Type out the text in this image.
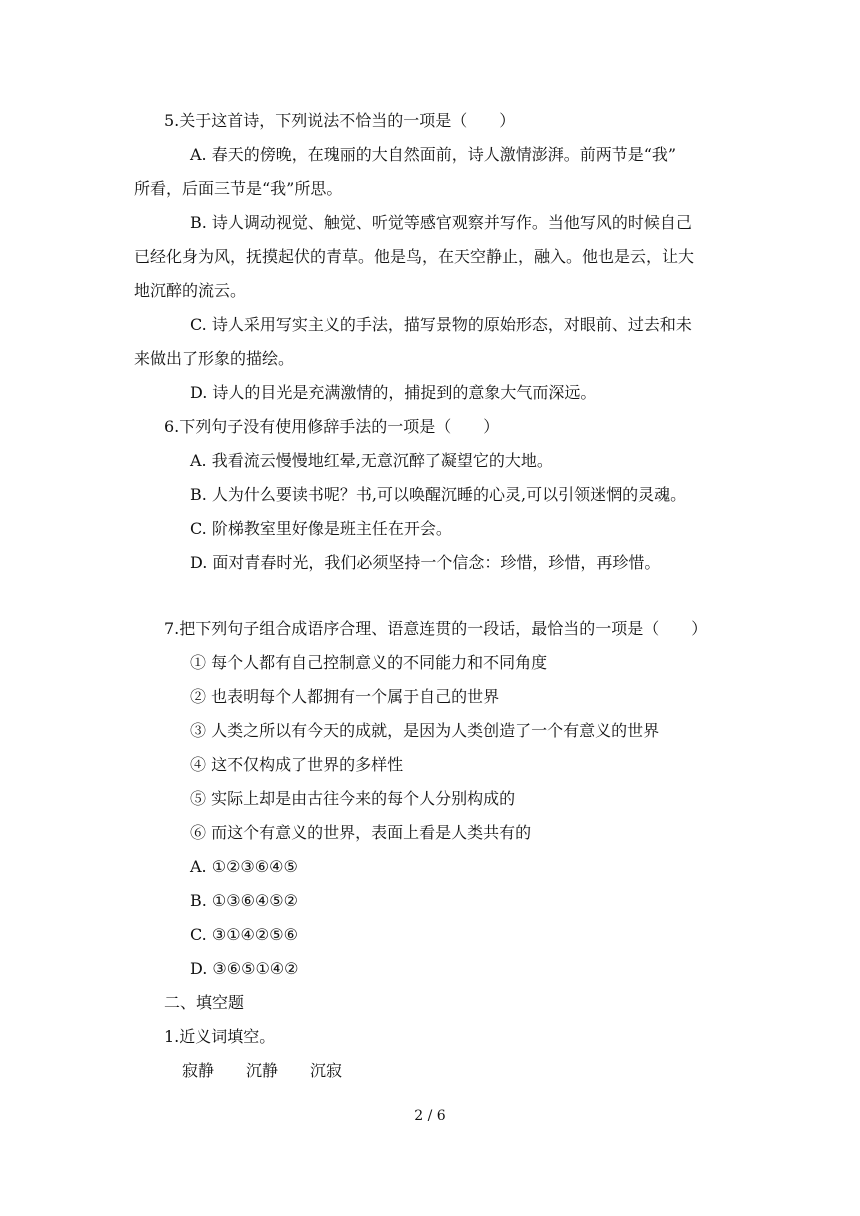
5.关于这首诗，下列说法不恰当的一项是（　　）
A. 春天的傍晚，在瑰丽的大自然面前，诗人激情澎湃。前两节是“我”
所看，后面三节是“我”所思。
B. 诗人调动视觉、触觉、听觉等感官观察并写作。当他写风的时候自己
已经化身为风，抚摸起伏的青草。他是鸟，在天空静止，融入。他也是云，让大
地沉醉的流云。
C. 诗人采用写实主义的手法，描写景物的原始形态，对眼前、过去和未
来做出了形象的描绘。
D. 诗人的目光是充满激情的，捕捉到的意象大气而深远。
6.下列句子没有使用修辞手法的一项是（　　）
A. 我看流云慢慢地红晕,无意沉醉了凝望它的大地。
B. 人为什么要读书呢？书,可以唤醒沉睡的心灵,可以引领迷惘的灵魂。
C. 阶梯教室里好像是班主任在开会。
D. 面对青春时光，我们必须坚持一个信念：珍惜，珍惜，再珍惜。
7.把下列句子组合成语序合理、语意连贯的一段话，最恰当的一项是（　　）
① 每个人都有自己控制意义的不同能力和不同角度
② 也表明每个人都拥有一个属于自己的世界
③ 人类之所以有今天的成就，是因为人类创造了一个有意义的世界
④ 这不仅构成了世界的多样性
⑤ 实际上却是由古往今来的每个人分别构成的
⑥ 而这个有意义的世界，表面上看是人类共有的
A. ①②③⑥④⑤
B. ①③⑥④⑤②
C. ③①④②⑤⑥
D. ③⑥⑤①④②
二、填空题
1.近义词填空。
寂静　　沉静　　沉寂
2 / 6
